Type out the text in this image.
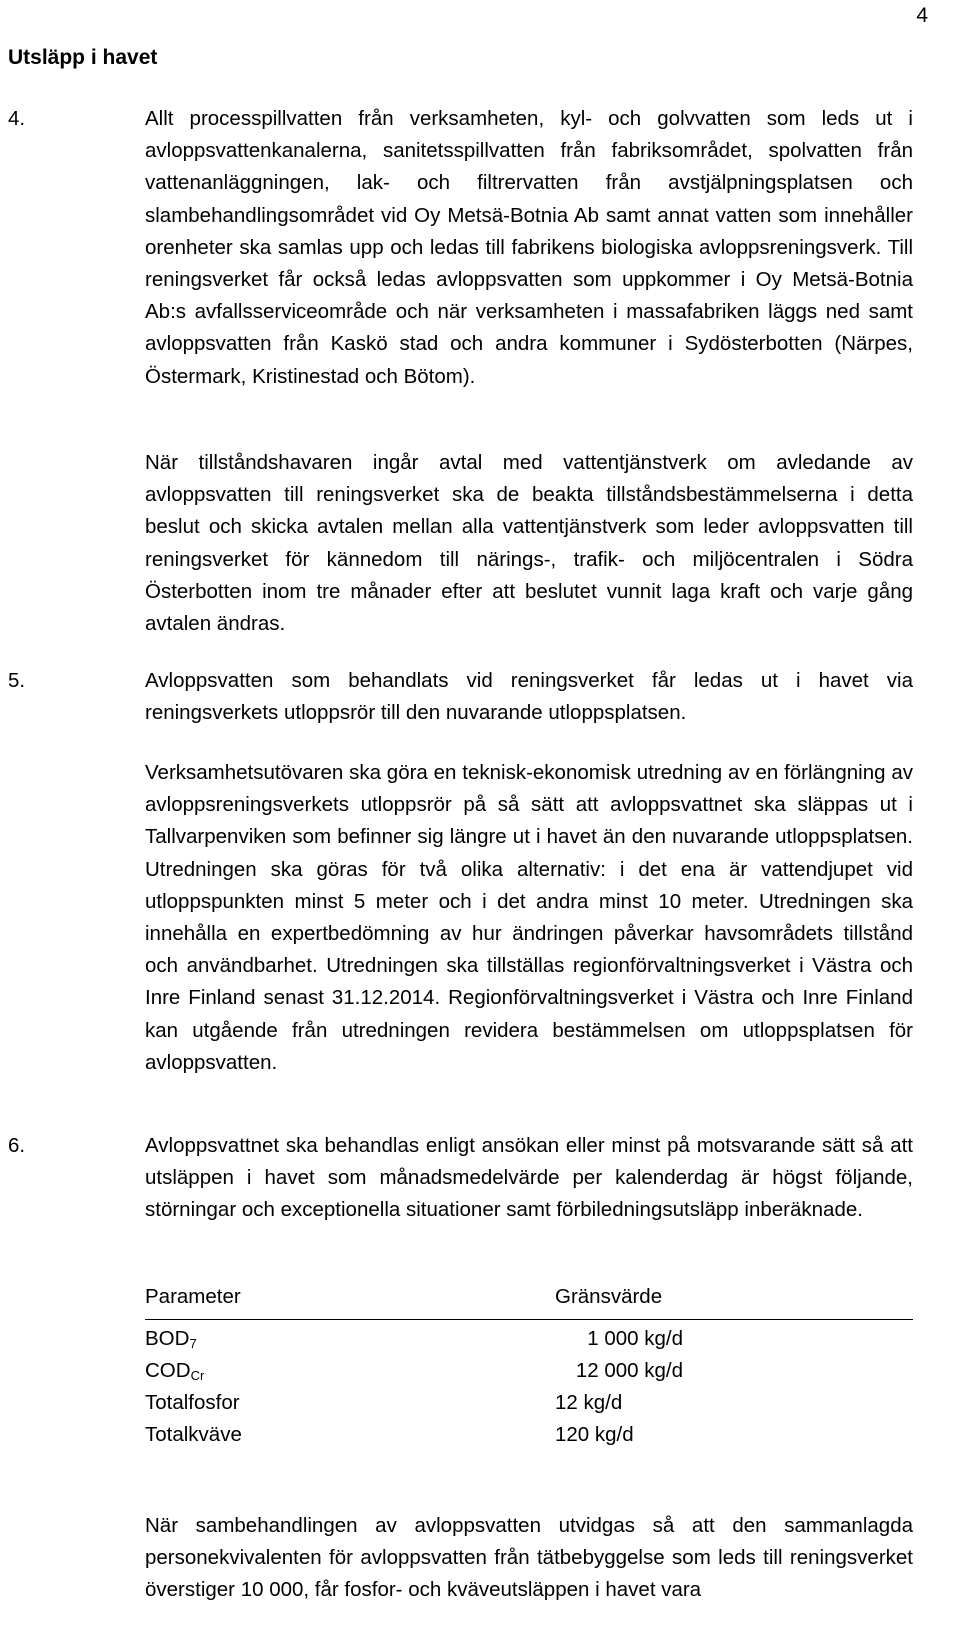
4
Utsläpp i havet
4.	Allt processpillvatten från verksamheten, kyl- och golvvatten som leds ut i avloppsvattenkanalerna, sanitetsspillvatten från fabriksområdet, spolvatten från vattenanläggningen, lak- och filtrervatten från avstjälpningsplatsen och slambehandlingsområdet vid Oy Metsä-Botnia Ab samt annat vatten som innehåller orenheter ska samlas upp och ledas till fabrikens biologiska avloppsreningsverk. Till reningsverket får också ledas avloppsvatten som uppkommer i Oy Metsä-Botnia Ab:s avfallsserviceområde och när verksamheten i massafabriken läggs ned samt avloppsvatten från Kaskö stad och andra kommuner i Sydösterbotten (Närpes, Östermark, Kristinestad och Bötom).

När tillståndshavaren ingår avtal med vattentjänstverk om avledande av avloppsvatten till reningsverket ska de beakta tillståndsbestämmelserna i detta beslut och skicka avtalen mellan alla vattentjänstverk som leder avloppsvatten till reningsverket för kännedom till närings-, trafik- och miljöcentralen i Södra Österbotten inom tre månader efter att beslutet vunnit laga kraft och varje gång avtalen ändras.

5.	Avloppsvatten som behandlats vid reningsverket får ledas ut i havet via reningsverkets utloppsrör till den nuvarande utloppsplatsen.

Verksamhetsutövaren ska göra en teknisk-ekonomisk utredning av en förlängning av avloppsreningsverkets utloppsrör på så sätt att avloppsvattnet ska släppas ut i Tallvarpenviken som befinner sig längre ut i havet än den nuvarande utloppsplatsen. Utredningen ska göras för två olika alternativ: i det ena är vattendjupet vid utloppspunkten minst 5 meter och i det andra minst 10 meter. Utredningen ska innehålla en expertbedömning av hur ändringen påverkar havsområdets tillstånd och användbarhet. Utredningen ska tillställas regionförvaltningsverket i Västra och Inre Finland senast 31.12.2014. Regionförvaltningsverket i Västra och Inre Finland kan utgående från utredningen revidera bestämmelsen om utloppsplatsen för avloppsvatten.

6.	Avloppsvattnet ska behandlas enligt ansökan eller minst på motsvarande sätt så att utsläppen i havet som månadsmedelvärde per kalenderdag är högst följande, störningar och exceptionella situationer samt förbiledningsutsläpp inberäknade.

Parameter	Gränsvärde
$BOD_7$	1 000 kg/d
$COD_{Cr}$	12 000 kg/d
Totalfosfor	12 kg/d
Totalkväve	120 kg/d

När sambehandlingen av avloppsvatten utvidgas så att den sammanlagda personekvivalenten för avloppsvatten från tätbebyggelse som leds till reningsverket överstiger 10 000, får fosfor- och kväveutsläppen i havet vara
